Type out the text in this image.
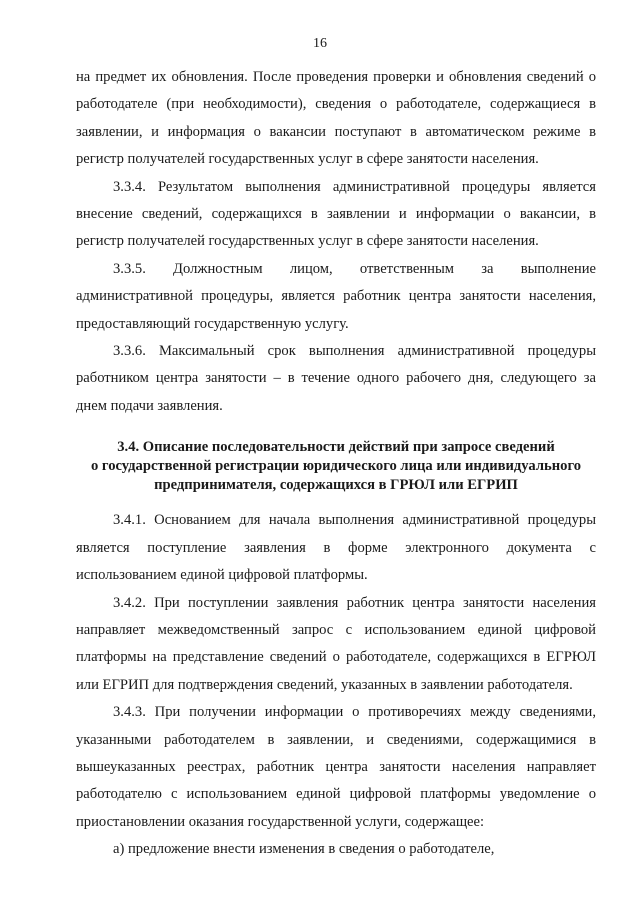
16

на предмет их обновления. После проведения проверки и обновления сведений о работодателе (при необходимости), сведения о работодателе, содержащиеся в заявлении, и информация о вакансии поступают в автоматическом режиме в регистр получателей государственных услуг в сфере занятости населения.

3.3.4. Результатом выполнения административной процедуры является внесение сведений, содержащихся в заявлении и информации о вакансии, в регистр получателей государственных услуг в сфере занятости населения.

3.3.5. Должностным лицом, ответственным за выполнение административной процедуры, является работник центра занятости населения, предоставляющий государственную услугу.

3.3.6. Максимальный срок выполнения административной процедуры работником центра занятости – в течение одного рабочего дня, следующего за днем подачи заявления.

3.4. Описание последовательности действий при запросе сведений
о государственной регистрации юридического лица или индивидуального
предпринимателя, содержащихся в ГРЮЛ или ЕГРИП

3.4.1. Основанием для начала выполнения административной процедуры является поступление заявления в форме электронного документа с использованием единой цифровой платформы.

3.4.2. При поступлении заявления работник центра занятости населения направляет межведомственный запрос с использованием единой цифровой платформы на представление сведений о работодателе, содержащихся в ЕГРЮЛ или ЕГРИП для подтверждения сведений, указанных в заявлении работодателя.

3.4.3. При получении информации о противоречиях между сведениями, указанными работодателем в заявлении, и сведениями, содержащимися в вышеуказанных реестрах, работник центра занятости населения направляет работодателю с использованием единой цифровой платформы уведомление о приостановлении оказания государственной услуги, содержащее:

а) предложение внести изменения в сведения о работодателе,
